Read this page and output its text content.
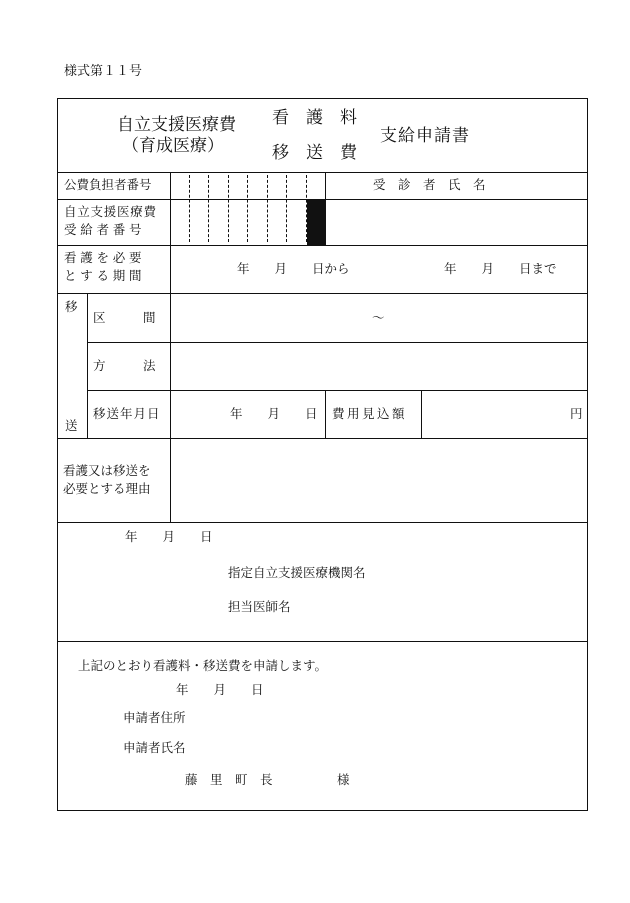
様式第１１号
自立支援医療費
（育成医療）
看　護　料
移　送　費
支給申請書
公費負担者番号	受　診　者　氏　名
自立支援医療費
受給者番号
看護を必要
とする期間	年　　月　　日から	年　　月　　日まで
移
送
区　　　間	～
方　　　法
移送年月日	年　　月　　日 費用見込額	円
看護又は移送を
必要とする理由
年　　月　　日
指定自立支援医療機関名
担当医師名
上記のとおり看護料・移送費を申請します。
年　　月　　日
申請者住所
申請者氏名
藤　里　町　長	様
